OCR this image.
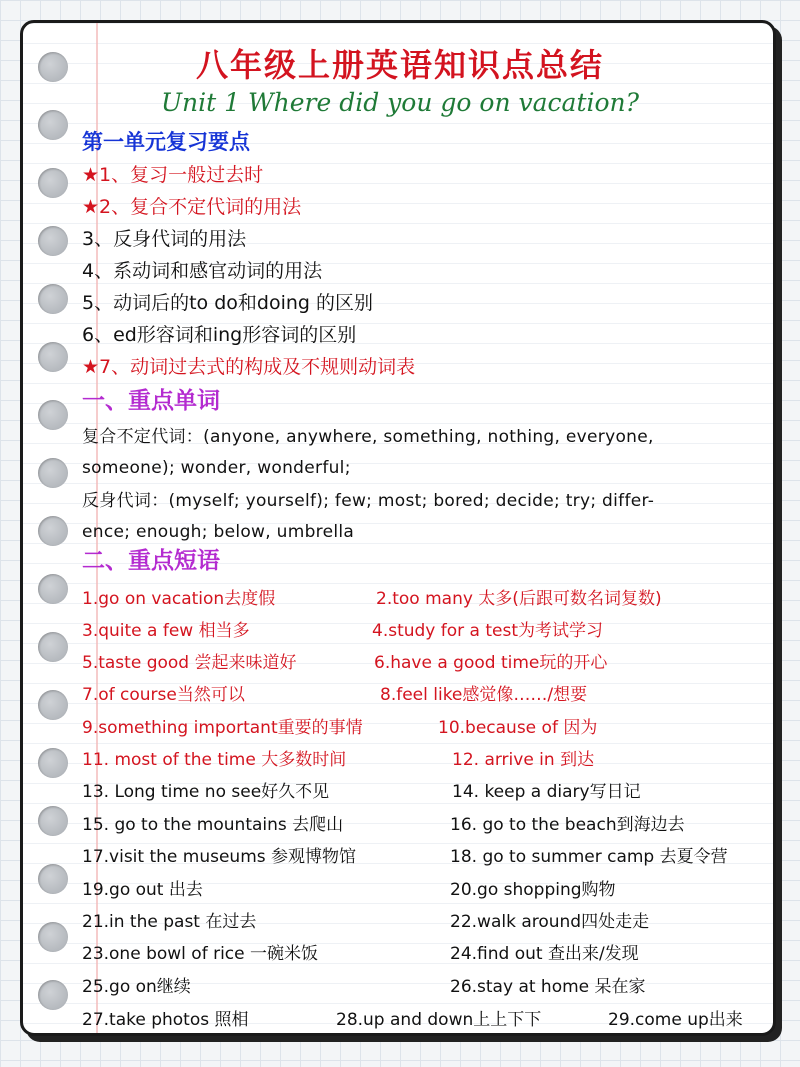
八年级上册英语知识点总结
Unit 1 Where did you go on vacation?
第一单元复习要点
★1、复习一般过去时
★2、复合不定代词的用法
3、反身代词的用法
4、系动词和感官动词的用法
5、动词后的to do和doing 的区别
6、ed形容词和ing形容词的区别
★7、动词过去式的构成及不规则动词表
一、重点单词
复合不定代词：(anyone, anywhere, something, nothing, everyone,
someone); wonder, wonderful;
反身代词：(myself; yourself); few; most; bored; decide; try; differ-
ence; enough; below, umbrella
二、重点短语
1.go on vacation去度假	2.too many 太多(后跟可数名词复数)
3.quite a few 相当多	4.study for a test为考试学习
5.taste good 尝起来味道好	6.have a good time玩的开心
7.of course当然可以	8.feel like感觉像……/想要
9.something important重要的事情	10.because of 因为
11. most of the time 大多数时间	12. arrive in 到达
13. Long time no see好久不见	14. keep a diary写日记
15. go to the mountains 去爬山	16. go to the beach到海边去
17.visit the museums 参观博物馆	18. go to summer camp 去夏令营
19.go out 出去	20.go shopping购物
21.in the past 在过去	22.walk around四处走走
23.one bowl of rice 一碗米饭	24.find out 查出来/发现
25.go on继续	26.stay at home 呆在家
27.take photos 照相	28.up and down上上下下	29.come up出来
